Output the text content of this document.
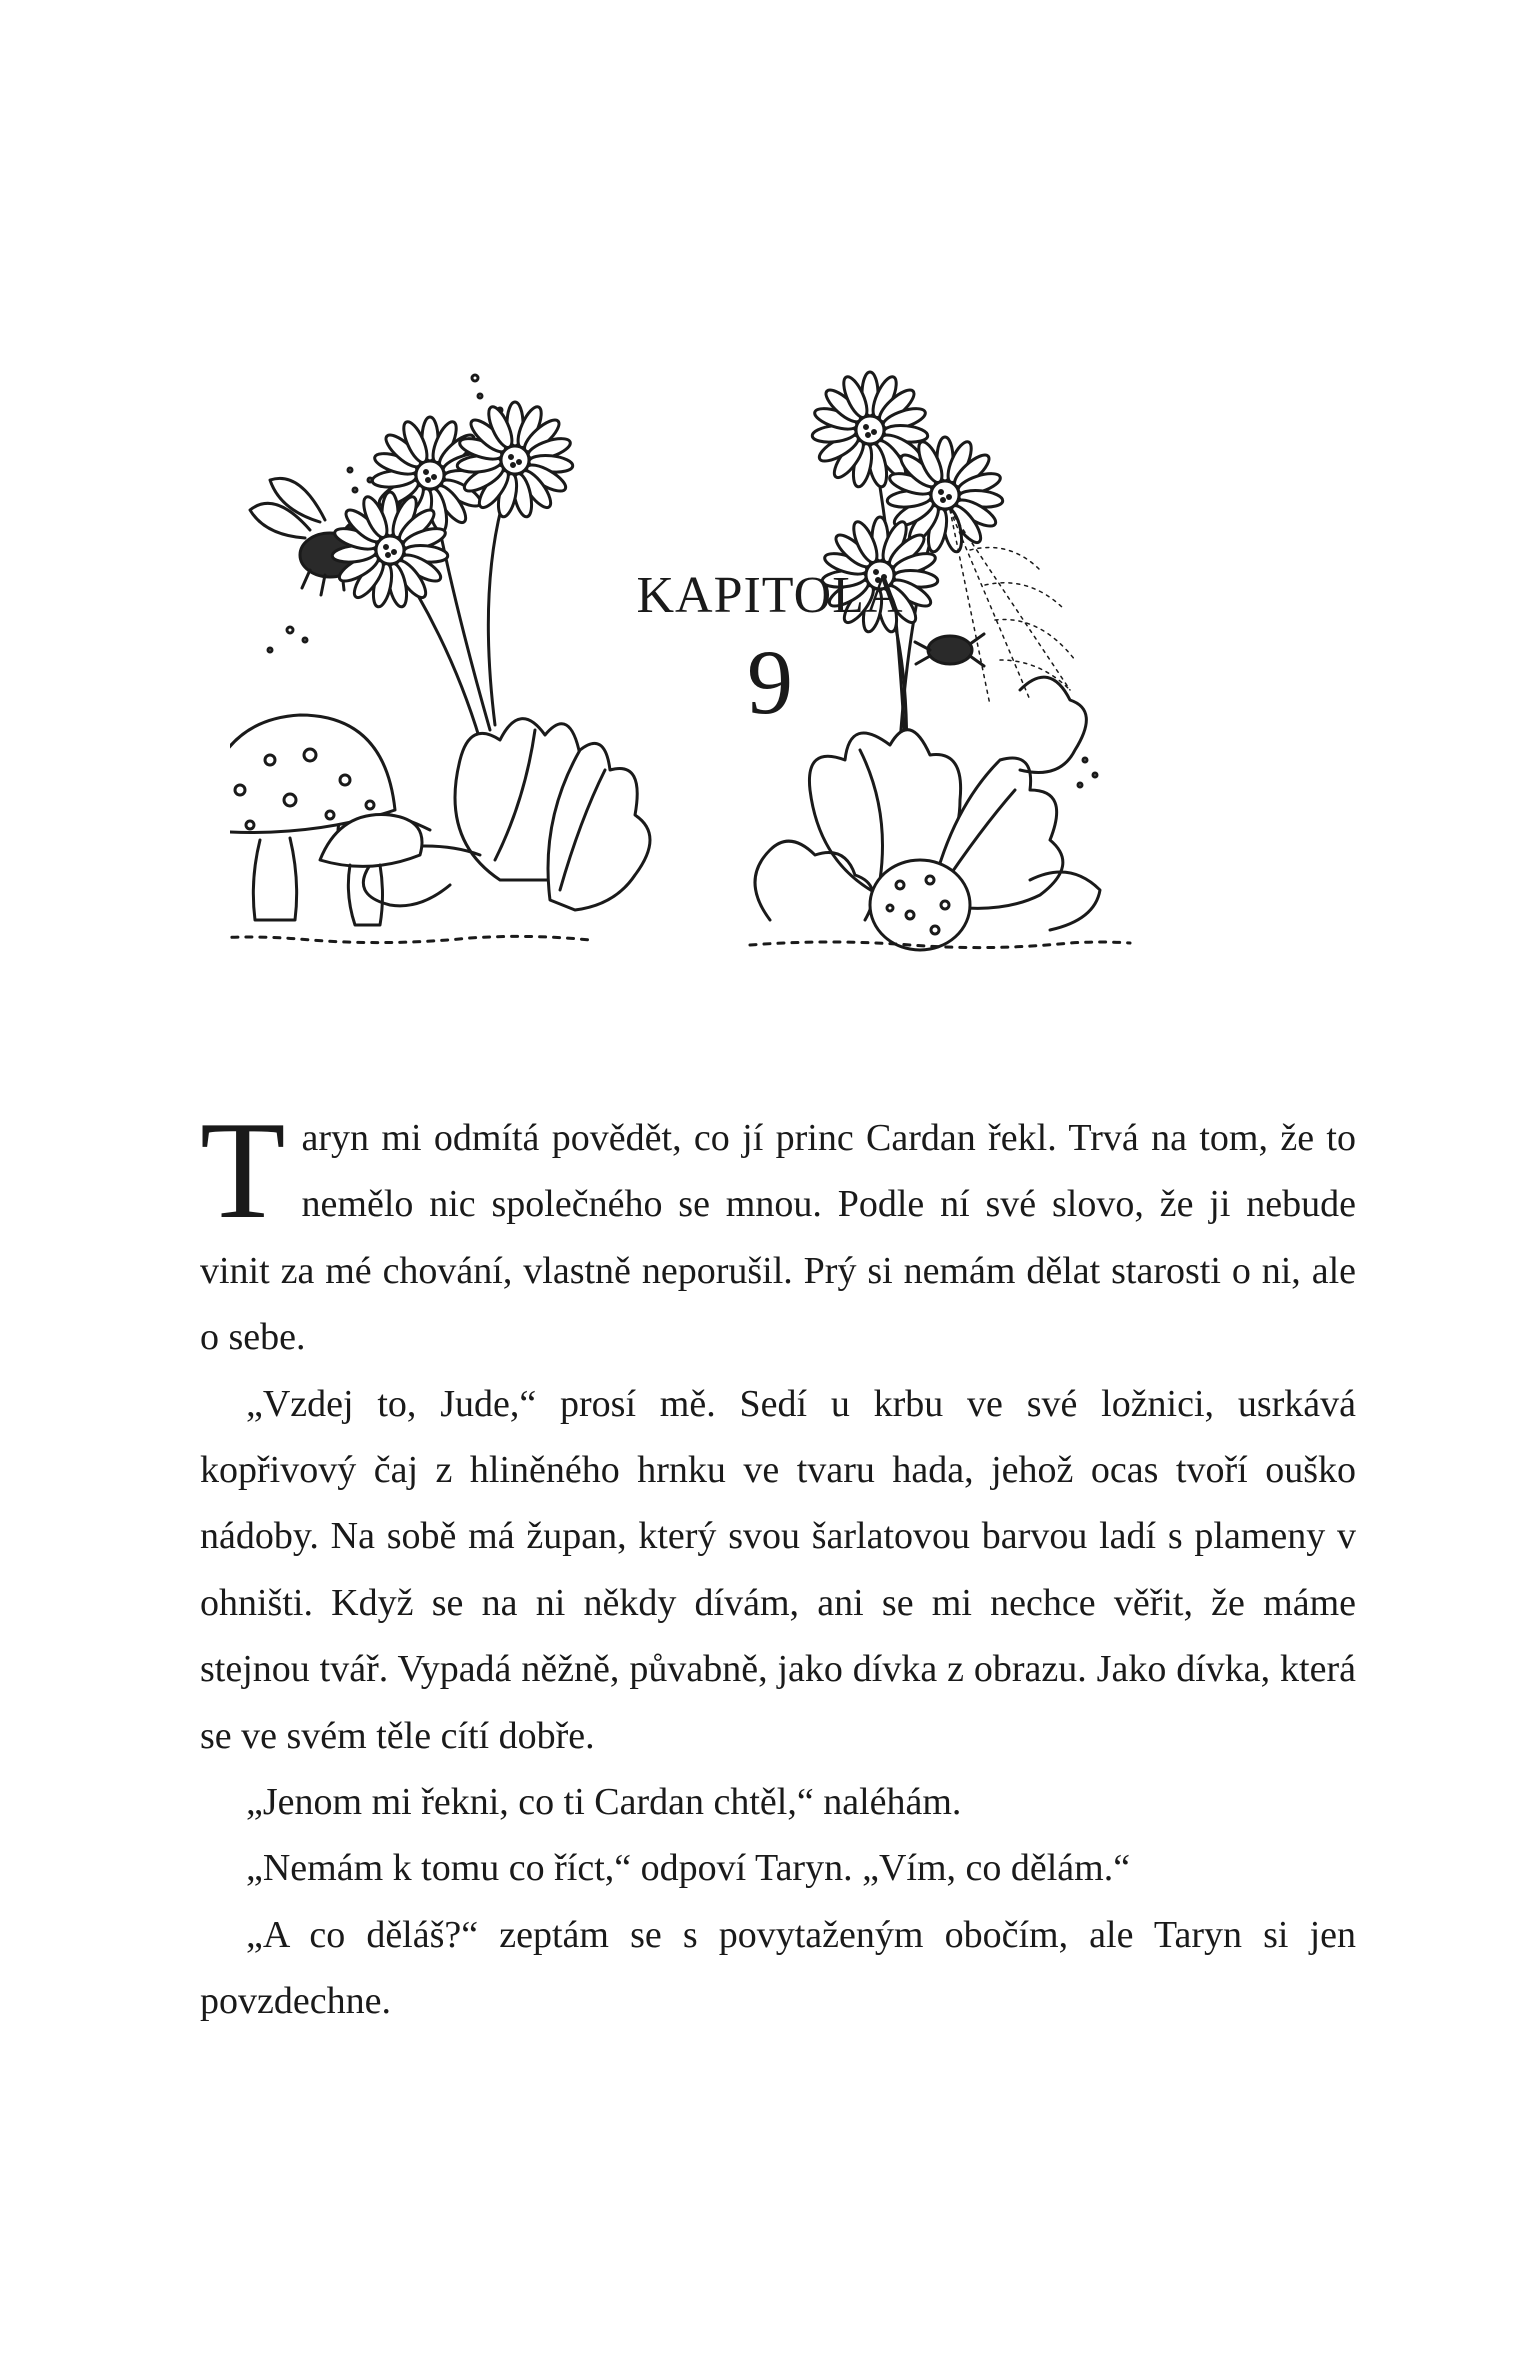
KAPITOLA
9

Taryn mi odmítá povědět, co jí princ Cardan řekl. Trvá na tom, že to nemělo nic společného se mnou. Podle ní své slovo, že ji nebude vinit za mé chování, vlastně neporušil. Prý si nemám dělat starosti o ni, ale o sebe.

„Vzdej to, Jude,“ prosí mě. Sedí u krbu ve své ložnici, usrkává kopřivový čaj z hliněného hrnku ve tvaru hada, jehož ocas tvoří ouško nádoby. Na sobě má župan, který svou šarlatovou barvou ladí s plameny v ohništi. Když se na ni někdy dívám, ani se mi nechce věřit, že máme stejnou tvář. Vypadá něžně, půvabně, jako dívka z obrazu. Jako dívka, která se ve svém těle cítí dobře.

„Jenom mi řekni, co ti Cardan chtěl,“ naléhám.

„Nemám k tomu co říct,“ odpoví Taryn. „Vím, co dělám.“

„A co děláš?“ zeptám se s povytaženým obočím, ale Taryn si jen povzdechne.
